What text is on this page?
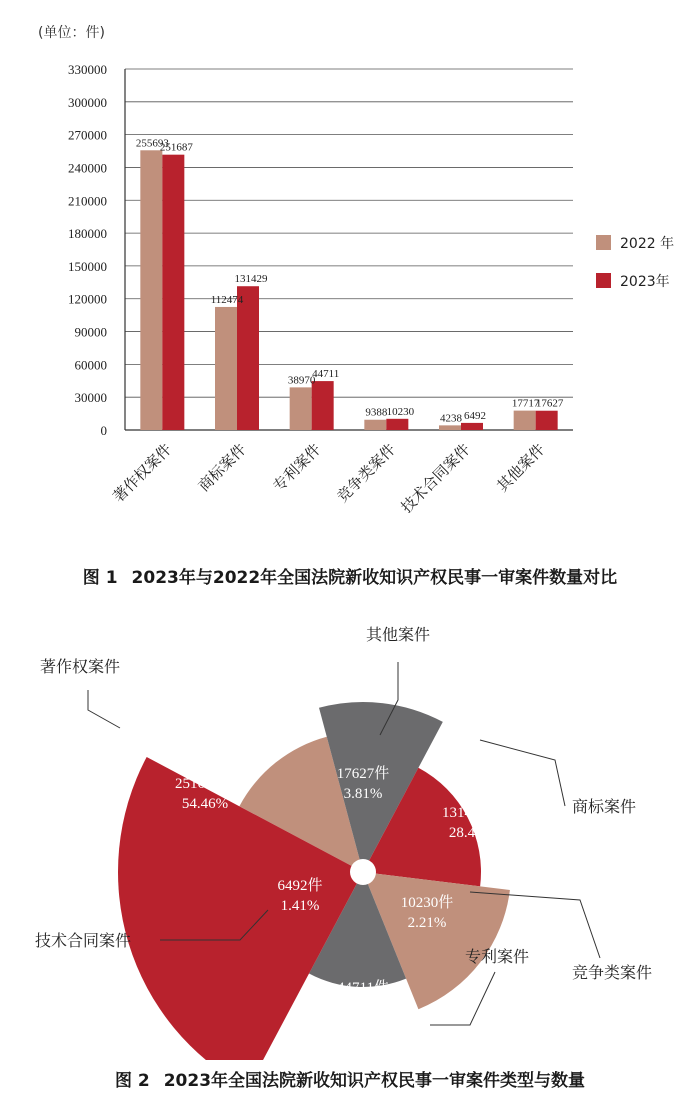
(单位：件)
0
30000
60000
90000
120000
150000
180000
210000
240000
270000
300000
330000
255693
251687
112474
131429
38970
44711
9388 10230
4238 6492
17717
17627
著作权案件 商标案件 专利案件 竞争类案件
技术合同案件 其他案件
2022 年
2023年
图 1 2023年与2022年全国法院新收知识产权民事一审案件数量对比
251687件
54.46%
17627件
3.81%
131429件
28.44%
10230件
2.21%
44711件
9.67%
6492件
1.41%
著作权案件
其他案件
商标案件
竞争类案件
专利案件
技术合同案件
图 2 2023年全国法院新收知识产权民事一审案件类型与数量
